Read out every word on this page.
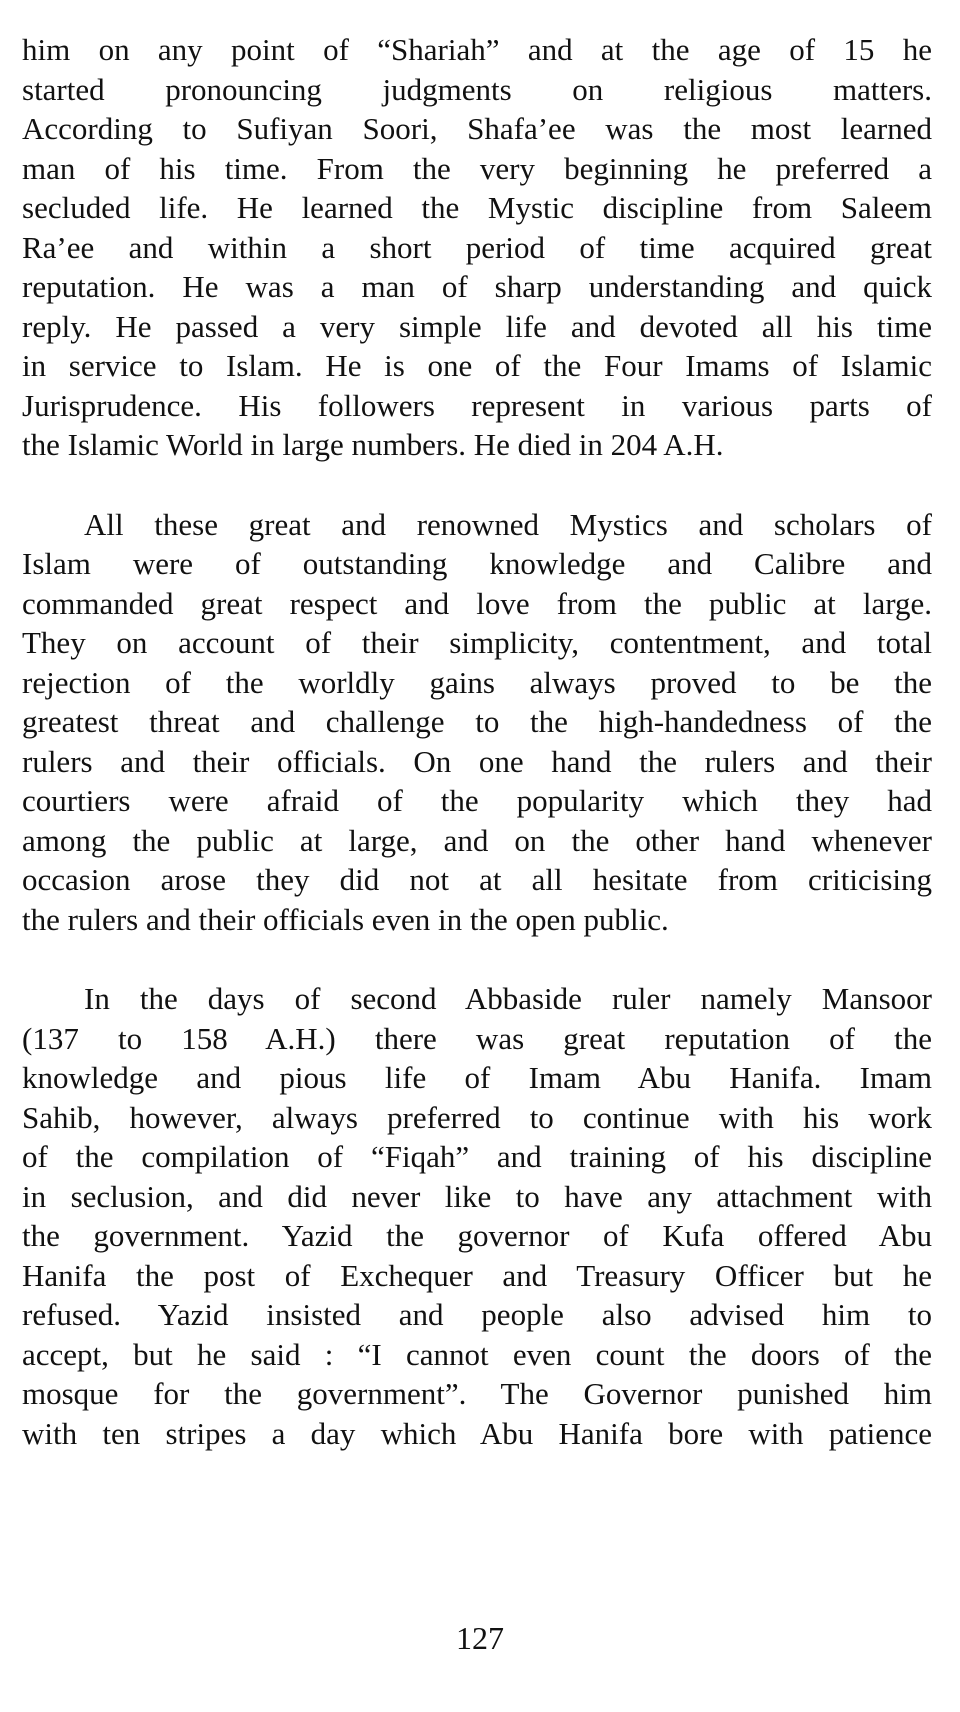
him on any point of “Shariah” and at the age of 15 he
started pronouncing judgments on religious matters.
According to Sufiyan Soori, Shafa’ee was the most learned
man of his time. From the very beginning he preferred a
secluded life. He learned the Mystic discipline from Saleem
Ra’ee and within a short period of time acquired great
reputation. He was a man of sharp understanding and quick
reply. He passed a very simple life and devoted all his time
in service to Islam. He is one of the Four Imams of Islamic
Jurisprudence. His followers represent in various parts of
the Islamic World in large numbers. He died in 204 A.H.

All these great and renowned Mystics and scholars of
Islam were of outstanding knowledge and Calibre and
commanded great respect and love from the public at large.
They on account of their simplicity, contentment, and total
rejection of the worldly gains always proved to be the
greatest threat and challenge to the high-handedness of the
rulers and their officials. On one hand the rulers and their
courtiers were afraid of the popularity which they had
among the public at large, and on the other hand whenever
occasion arose they did not at all hesitate from criticising
the rulers and their officials even in the open public.

In the days of second Abbaside ruler namely Mansoor
(137 to 158 A.H.) there was great reputation of the
knowledge and pious life of Imam Abu Hanifa. Imam
Sahib, however, always preferred to continue with his work
of the compilation of “Fiqah” and training of his discipline
in seclusion, and did never like to have any attachment with
the government. Yazid the governor of Kufa offered Abu
Hanifa the post of Exchequer and Treasury Officer but he
refused. Yazid insisted and people also advised him to
accept, but he said : “I cannot even count the doors of the
mosque for the government”. The Governor punished him
with ten stripes a day which Abu Hanifa bore with patience

127
